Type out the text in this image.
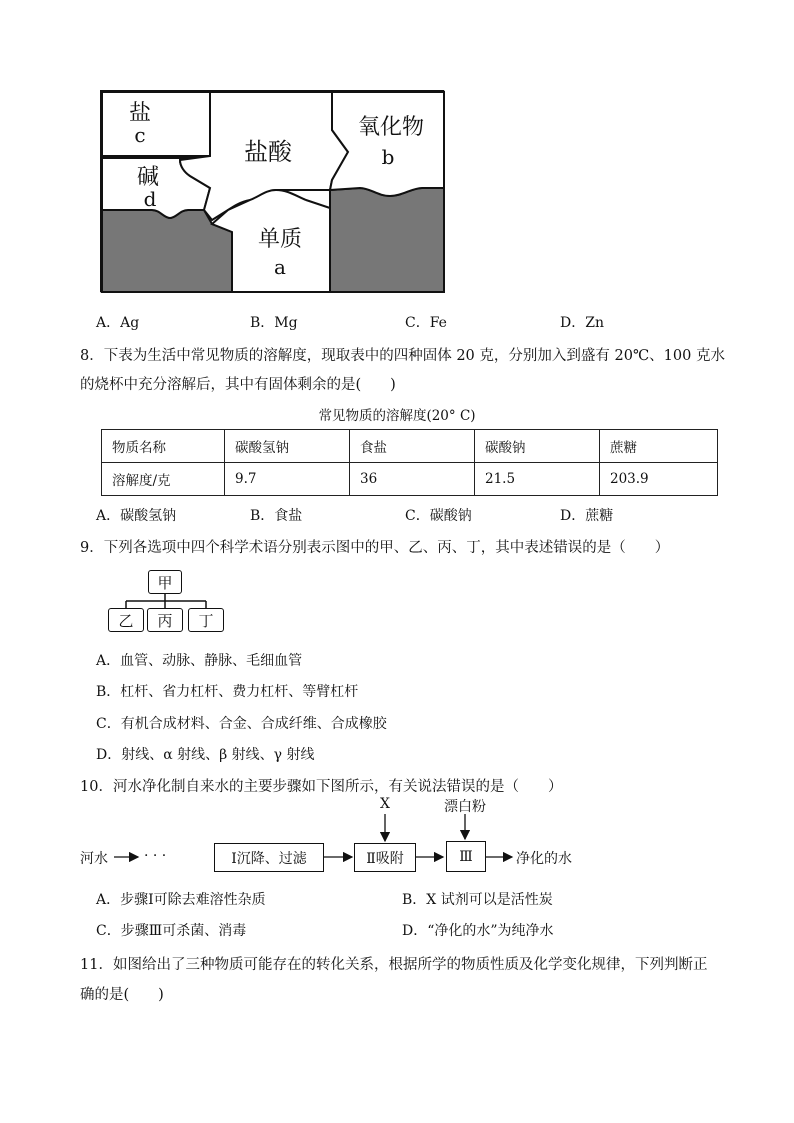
盐
c
盐酸
氧化物
b
碱
d
单质
a
A．Ag	B．Mg	C．Fe	D．Zn
8．下表为生活中常见物质的溶解度，现取表中的四种固体 20 克，分别加入到盛有 20℃、100 克水
的烧杯中充分溶解后，其中有固体剩余的是(　　)
常见物质的溶解度(20° C)
物质名称	碳酸氢钠	食盐	碳酸钠	蔗糖
溶解度/克	9.7	36	21.5	203.9
A．碳酸氢钠	B．食盐	C．碳酸钠	D．蔗糖
9．下列各选项中四个科学术语分别表示图中的甲、乙、丙、丁，其中表述错误的是（　　）
甲
乙	丙	丁
A．血管、动脉、静脉、毛细血管
B．杠杆、省力杠杆、费力杠杆、等臂杠杆
C．有机合成材料、合金、合成纤维、合成橡胶
D．射线、α 射线、β 射线、γ 射线
10．河水净化制自来水的主要步骤如下图所示，有关说法错误的是（　　）
河水	· · ·	Ⅰ沉降、过滤	Ⅱ吸附	Ⅲ
X	漂白粉
净化的水
A．步骤Ⅰ可除去难溶性杂质	B．X 试剂可以是活性炭
C．步骤Ⅲ可杀菌、消毒	D．“净化的水”为纯净水
11．如图给出了三种物质可能存在的转化关系，根据所学的物质性质及化学变化规律，下列判断正
确的是(　　)
